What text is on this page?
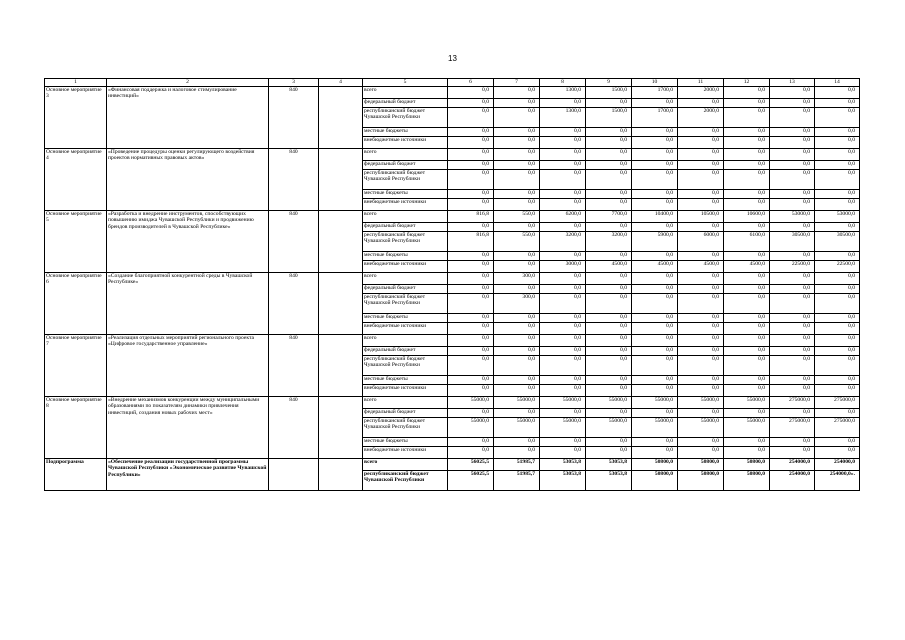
13
1	2	3	4	5	6	7	8	9	10	11	12	13	14
Основное мероприятие 3	«Финансовая поддержка и налоговое стимулирование инвестиций»	840		всего	0,0	0,0	1300,0	1500,0	1700,0	2000,0	0,0	0,0	0,0
				федеральный бюджет	0,0	0,0	0,0	0,0	0,0	0,0	0,0	0,0	0,0
				республиканский бюджет Чувашской Республики	0,0	0,0	1300,0	1500,0	1700,0	2000,0	0,0	0,0	0,0
				местные бюджеты	0,0	0,0	0,0	0,0	0,0	0,0	0,0	0,0	0,0
				внебюджетные источники	0,0	0,0	0,0	0,0	0,0	0,0	0,0	0,0	0,0
Основное мероприятие 4	«Проведение процедуры оценки регулирующего воздействия проектов нормативных правовых актов»	840		всего	0,0	0,0	0,0	0,0	0,0	0,0	0,0	0,0	0,0
				федеральный бюджет	0,0	0,0	0,0	0,0	0,0	0,0	0,0	0,0	0,0
				республиканский бюджет Чувашской Республики	0,0	0,0	0,0	0,0	0,0	0,0	0,0	0,0	0,0
				местные бюджеты	0,0	0,0	0,0	0,0	0,0	0,0	0,0	0,0	0,0
				внебюджетные источники	0,0	0,0	0,0	0,0	0,0	0,0	0,0	0,0	0,0
Основное мероприятие 5	«Разработка и внедрение инструментов, способствующих повышению имиджа Чувашской Республики и продвижению брендов производителей в Чувашской Республике»	840		всего	816,8	550,0	6200,0	7700,0	10400,0	10500,0	10600,0	53000,0	53000,0
				федеральный бюджет	0,0	0,0	0,0	0,0	0,0	0,0	0,0	0,0	0,0
				республиканский бюджет Чувашской Республики	816,8	550,0	3200,0	3200,0	5900,0	6000,0	6100,0	30500,0	30500,0
				местные бюджеты	0,0	0,0	0,0	0,0	0,0	0,0	0,0	0,0	0,0
				внебюджетные источники	0,0	0,0	3000,0	4500,0	4500,0	4500,0	4500,0	22500,0	22500,0
Основное мероприятие 6	«Создание благоприятной конкурентной среды в Чувашской Республике»	840		всего	0,0	300,0	0,0	0,0	0,0	0,0	0,0	0,0	0,0
				федеральный бюджет	0,0	0,0	0,0	0,0	0,0	0,0	0,0	0,0	0,0
				республиканский бюджет Чувашской Республики	0,0	300,0	0,0	0,0	0,0	0,0	0,0	0,0	0,0
				местные бюджеты	0,0	0,0	0,0	0,0	0,0	0,0	0,0	0,0	0,0
				внебюджетные источники	0,0	0,0	0,0	0,0	0,0	0,0	0,0	0,0	0,0
Основное мероприятие 7	«Реализация отдельных мероприятий регионального проекта «Цифровое государственное управление»	840		всего	0,0	0,0	0,0	0,0	0,0	0,0	0,0	0,0	0,0
				федеральный бюджет	0,0	0,0	0,0	0,0	0,0	0,0	0,0	0,0	0,0
				республиканский бюджет Чувашской Республики	0,0	0,0	0,0	0,0	0,0	0,0	0,0	0,0	0,0
				местные бюджеты	0,0	0,0	0,0	0,0	0,0	0,0	0,0	0,0	0,0
				внебюджетные источники	0,0	0,0	0,0	0,0	0,0	0,0	0,0	0,0	0,0
Основное мероприятие 8	«Внедрение механизмов конкуренции между муниципальными образованиями по показателям динамики привлечения инвестиций, создания новых рабочих мест»	840		всего	55000,0	55000,0	55000,0	55000,0	55000,0	55000,0	55000,0	275000,0	275000,0
				федеральный бюджет	0,0	0,0	0,0	0,0	0,0	0,0	0,0	0,0	0,0
				республиканский бюджет Чувашской Республики	55000,0	55000,0	55000,0	55000,0	55000,0	55000,0	55000,0	275000,0	275000,0
				местные бюджеты	0,0	0,0	0,0	0,0	0,0	0,0	0,0	0,0	0,0
				внебюджетные источники	0,0	0,0	0,0	0,0	0,0	0,0	0,0	0,0	0,0
Подпрограмма	«Обеспечение реализации государственной программы Чувашской Республики «Экономическое развитие Чувашской Республики»			всего	56025,5	51985,7	53053,8	53053,8	50800,0	50800,0	50800,0	254000,0	254000,0
				республиканский бюджет Чувашской Республики	56025,5	51985,7	53053,8	53053,8	50800,0	50800,0	50800,0	254000,0	254000,0».
